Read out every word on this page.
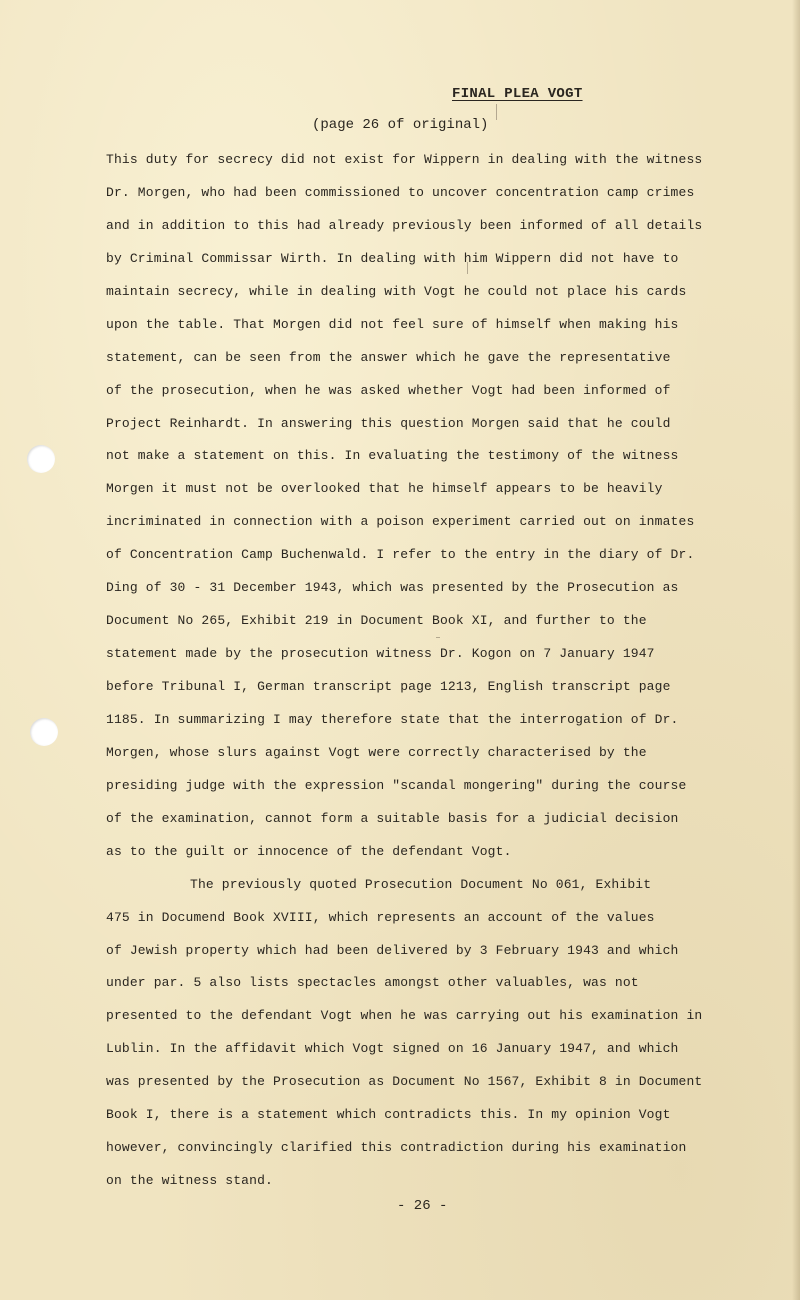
FINAL PLEA VOGT
(page 26 of original)
This duty for secrecy did not exist for Wippern in dealing with the witness
Dr. Morgen, who had been commissioned to uncover concentration camp crimes
and in addition to this had already previously been informed of all details
by Criminal Commissar Wirth. In dealing with him Wippern did not have to
maintain secrecy, while in dealing with Vogt he could not place his cards
upon the table. That Morgen did not feel sure of himself when making his
statement, can be seen from the answer which he gave the representative
of the prosecution, when he was asked whether Vogt had been informed of
Project Reinhardt. In answering this question Morgen said that he could
not make a statement on this. In evaluating the testimony of the witness
Morgen it must not be overlooked that he himself appears to be heavily
incriminated in connection with a poison experiment carried out on inmates
of Concentration Camp Buchenwald. I refer to the entry in the diary of Dr.
Ding of 30 - 31 December 1943, which was presented by the Prosecution as
Document No 265, Exhibit 219 in Document Book XI, and further to the
statement made by the prosecution witness Dr. Kogon on 7 January 1947
before Tribunal I, German transcript page 1213, English transcript page
1185. In summarizing I may therefore state that the interrogation of Dr.
Morgen, whose slurs against Vogt were correctly characterised by the
presiding judge with the expression "scandal mongering" during the course
of the examination, cannot form a suitable basis for a judicial decision
as to the guilt or innocence of the defendant Vogt.
The previously quoted Prosecution Document No 061, Exhibit
475 in Documend Book XVIII, which represents an account of the values
of Jewish property which had been delivered by 3 February 1943 and which
under par. 5 also lists spectacles amongst other valuables, was not
presented to the defendant Vogt when he was carrying out his examination in
Lublin. In the affidavit which Vogt signed on 16 January 1947, and which
was presented by the Prosecution as Document No 1567, Exhibit 8 in Document
Book I, there is a statement which contradicts this. In my opinion Vogt
however, convincingly clarified this contradiction during his examination
on the witness stand.
- 26 -
